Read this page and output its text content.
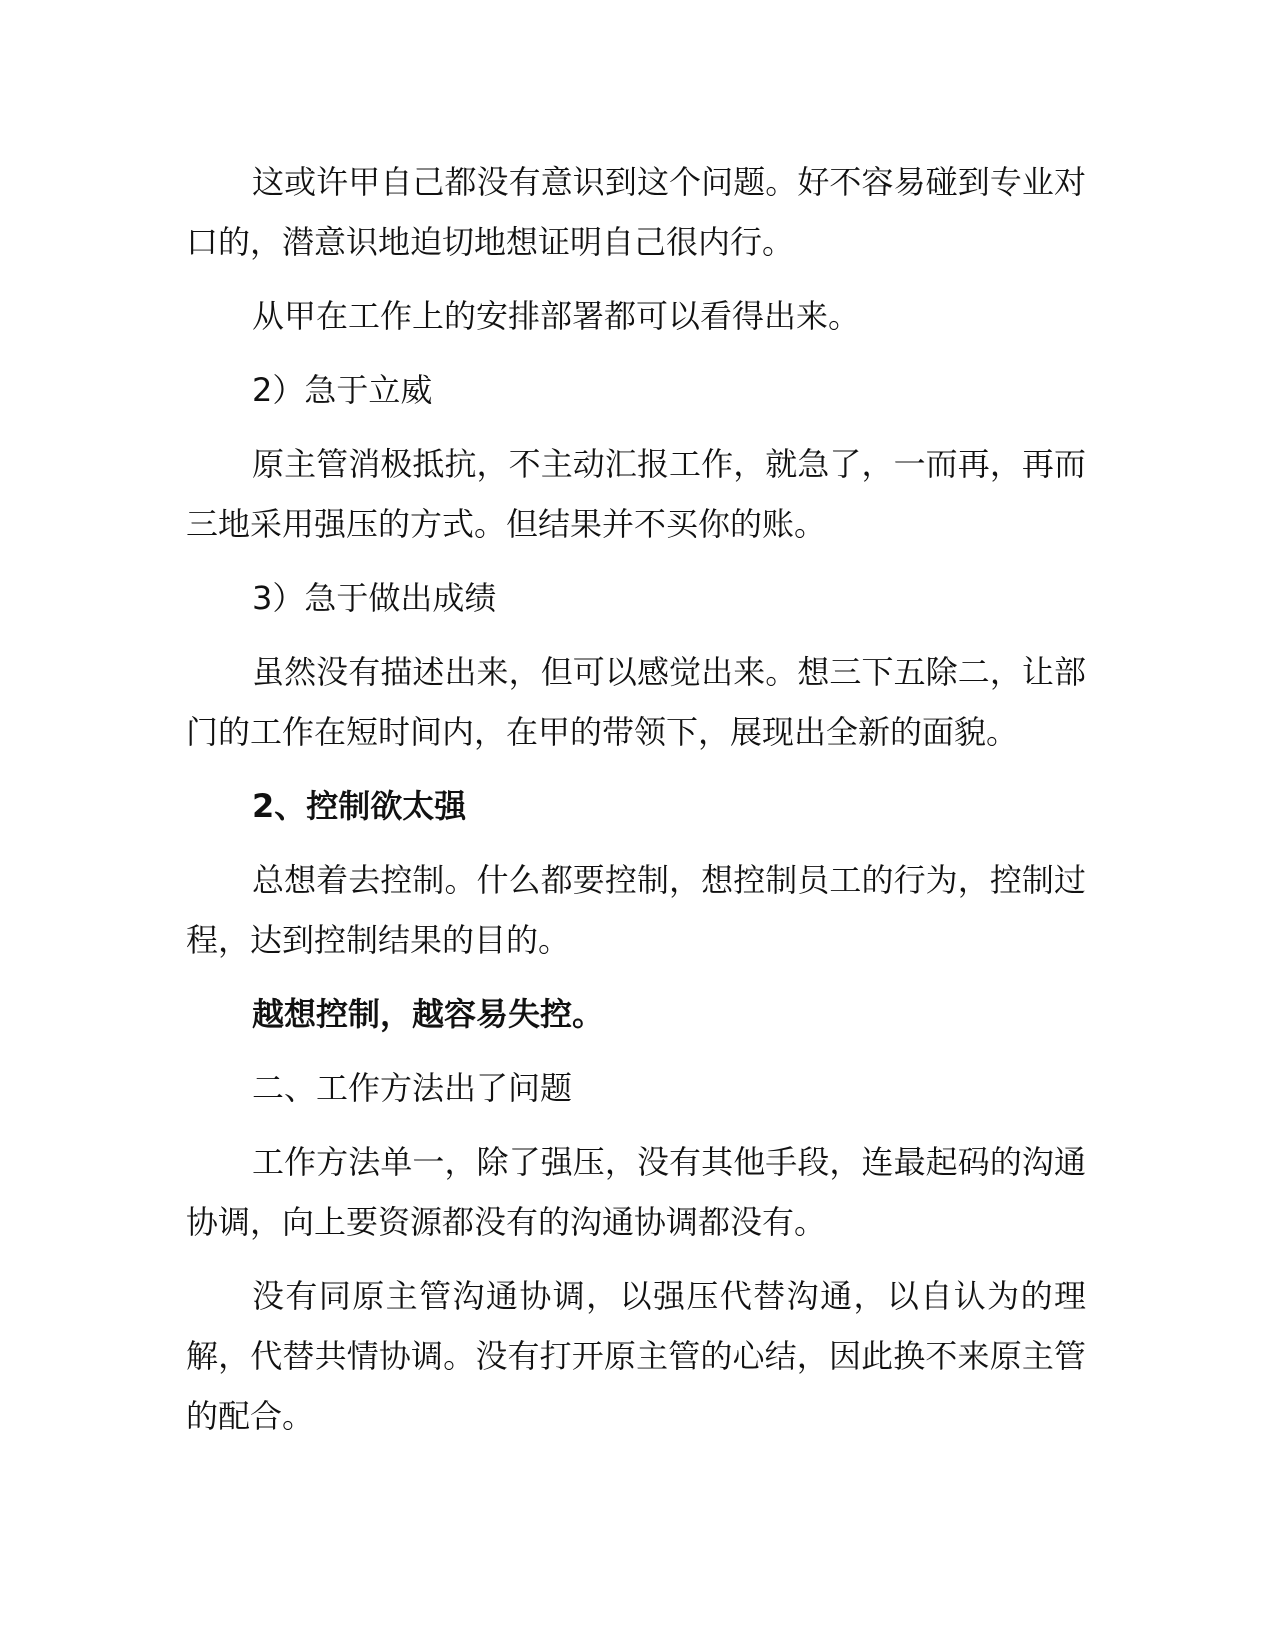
这或许甲自己都没有意识到这个问题。好不容易碰到专业对口的，潜意识地迫切地想证明自己很内行。

从甲在工作上的安排部署都可以看得出来。

2）急于立威

原主管消极抵抗，不主动汇报工作，就急了，一而再，再而三地采用强压的方式。但结果并不买你的账。

3）急于做出成绩

虽然没有描述出来，但可以感觉出来。想三下五除二，让部门的工作在短时间内，在甲的带领下，展现出全新的面貌。

2、控制欲太强

总想着去控制。什么都要控制，想控制员工的行为，控制过程，达到控制结果的目的。

越想控制，越容易失控。

二、工作方法出了问题

工作方法单一，除了强压，没有其他手段，连最起码的沟通协调，向上要资源都没有的沟通协调都没有。

没有同原主管沟通协调，以强压代替沟通，以自认为的理解，代替共情协调。没有打开原主管的心结，因此换不来原主管的配合。
